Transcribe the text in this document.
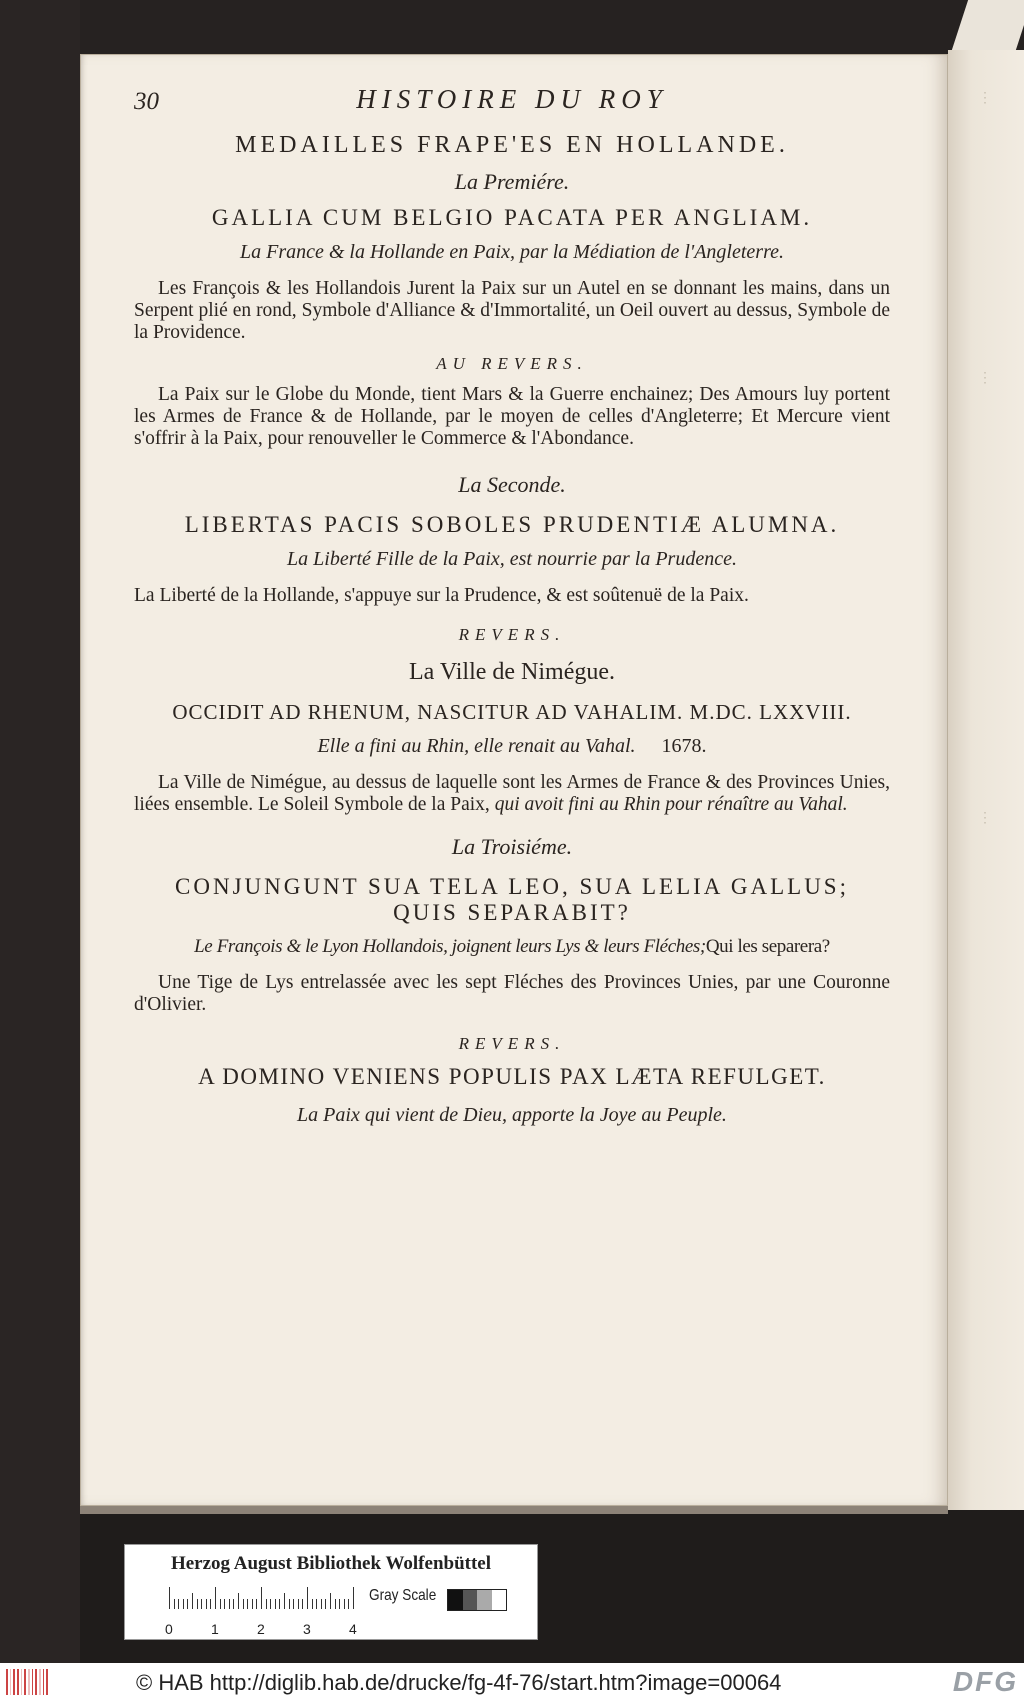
⋮
⋮
⋮
30	HISTOIRE DU ROY
MEDAILLES FRAPE'ES EN HOLLANDE.
La Premiére.
GALLIA CUM BELGIO PACATA PER ANGLIAM.
La France & la Hollande en Paix, par la Médiation de l'Angleterre.

Les François & les Hollandois Jurent la Paix sur un Autel en se donnant les mains, dans un Serpent plié en rond, Symbole d'Alliance & d'Immortalité, un Oeil ouvert au dessus, Symbole de la Providence.

AU REVERS.

La Paix sur le Globe du Monde, tient Mars & la Guerre enchainez; Des Amours luy portent les Armes de France & de Hollande, par le moyen de celles d'Angleterre; Et Mercure vient s'offrir à la Paix, pour renouveller le Commerce & l'Abondance.

La Seconde.
LIBERTAS PACIS SOBOLES PRUDENTIÆ ALUMNA.
La Liberté Fille de la Paix, est nourrie par la Prudence.

La Liberté de la Hollande, s'appuye sur la Prudence, & est soûtenuë de la Paix.

REVERS.
La Ville de Nimégue.
OCCIDIT AD RHENUM, NASCITUR AD VAHALIM. M.DC. LXXVIII.
Elle a fini au Rhin, elle renait au Vahal. 1678.

La Ville de Nimégue, au dessus de laquelle sont les Armes de France & des Provinces Unies, liées ensemble. Le Soleil Symbole de la Paix, qui avoit fini au Rhin pour rénaître au Vahal.

La Troisiéme.
CONJUNGUNT SUA TELA LEO, SUA LELIA GALLUS;
QUIS SEPARABIT?
Le François & le Lyon Hollandois, joignent leurs Lys & leurs Fléches;Qui les separera?

Une Tige de Lys entrelassée avec les sept Fléches des Provinces Unies, par une Couronne d'Olivier.

REVERS.
A DOMINO VENIENS POPULIS PAX LÆTA REFULGET.
La Paix qui vient de Dieu, apporte la Joye au Peuple.
Herzog August Bibliothek Wolfenbüttel
0	1	2	3	4
Gray Scale
© HAB http://diglib.hab.de/drucke/fg-4f-76/start.htm?image=00064	DFG
